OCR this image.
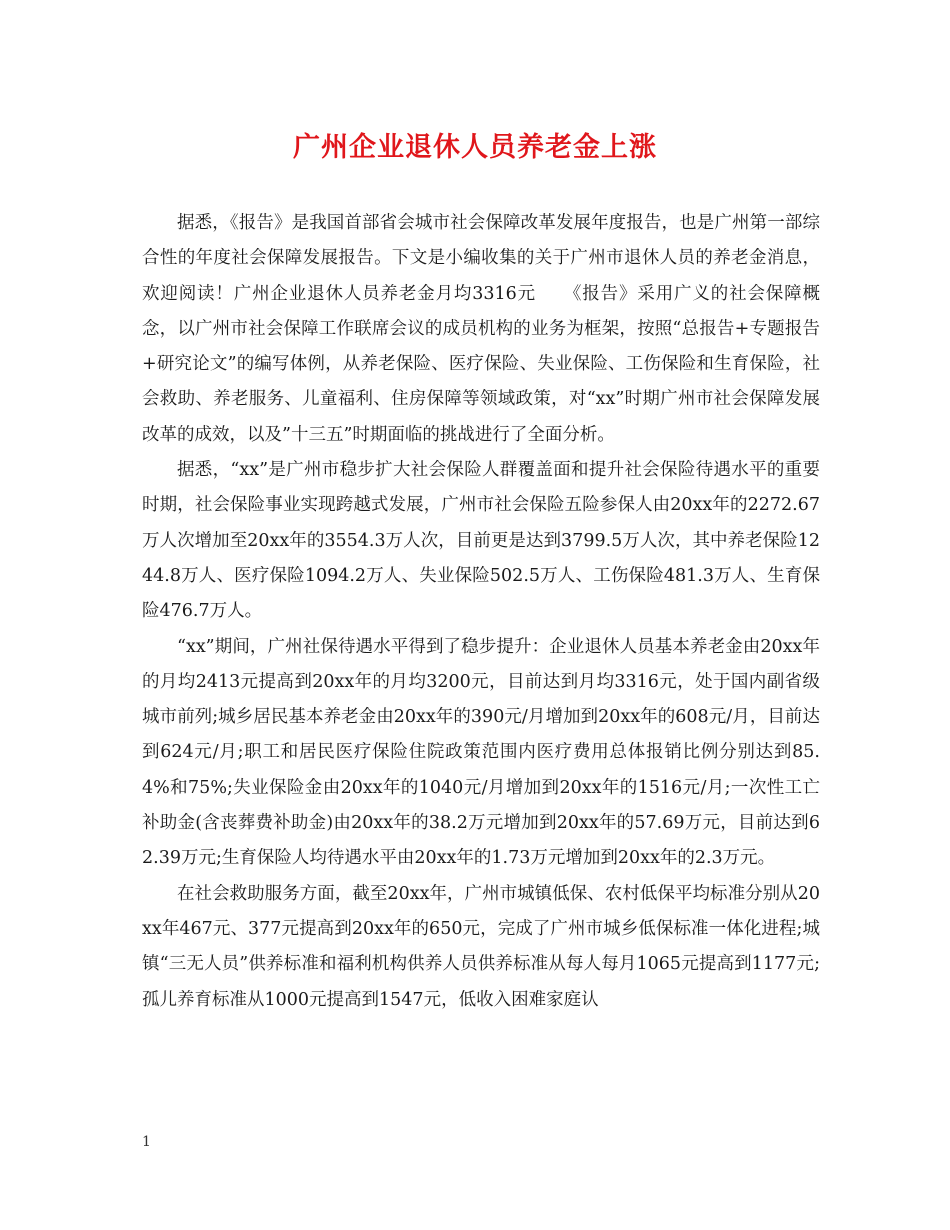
广州企业退休人员养老金上涨

据悉，《报告》是我国首部省会城市社会保障改革发展年度报告，也是广州第一部综合性的年度社会保障发展报告。下文是小编收集的关于广州市退休人员的养老金消息，欢迎阅读！广州企业退休人员养老金月均3316元　　《报告》采用广义的社会保障概念，以广州市社会保障工作联席会议的成员机构的业务为框架，按照“总报告+专题报告+研究论文”的编写体例，从养老保险、医疗保险、失业保险、工伤保险和生育保险，社会救助、养老服务、儿童福利、住房保障等领域政策，对“xx”时期广州市社会保障发展改革的成效，以及”十三五”时期面临的挑战进行了全面分析。

据悉，“xx”是广州市稳步扩大社会保险人群覆盖面和提升社会保险待遇水平的重要时期，社会保险事业实现跨越式发展，广州市社会保险五险参保人由20xx年的2272.67万人次增加至20xx年的3554.3万人次，目前更是达到3799.5万人次，其中养老保险1244.8万人、医疗保险1094.2万人、失业保险502.5万人、工伤保险481.3万人、生育保险476.7万人。

“xx”期间，广州社保待遇水平得到了稳步提升：企业退休人员基本养老金由20xx年的月均2413元提高到20xx年的月均3200元，目前达到月均3316元，处于国内副省级城市前列;城乡居民基本养老金由20xx年的390元/月增加到20xx年的608元/月，目前达到624元/月;职工和居民医疗保险住院政策范围内医疗费用总体报销比例分别达到85.4%和75%;失业保险金由20xx年的1040元/月增加到20xx年的1516元/月;一次性工亡补助金(含丧葬费补助金)由20xx年的38.2万元增加到20xx年的57.69万元，目前达到62.39万元;生育保险人均待遇水平由20xx年的1.73万元增加到20xx年的2.3万元。

在社会救助服务方面，截至20xx年，广州市城镇低保、农村低保平均标准分别从20xx年467元、377元提高到20xx年的650元，完成了广州市城乡低保标准一体化进程;城镇“三无人员”供养标准和福利机构供养人员供养标准从每人每月1065元提高到1177元;孤儿养育标准从1000元提高到1547元，低收入困难家庭认

1
